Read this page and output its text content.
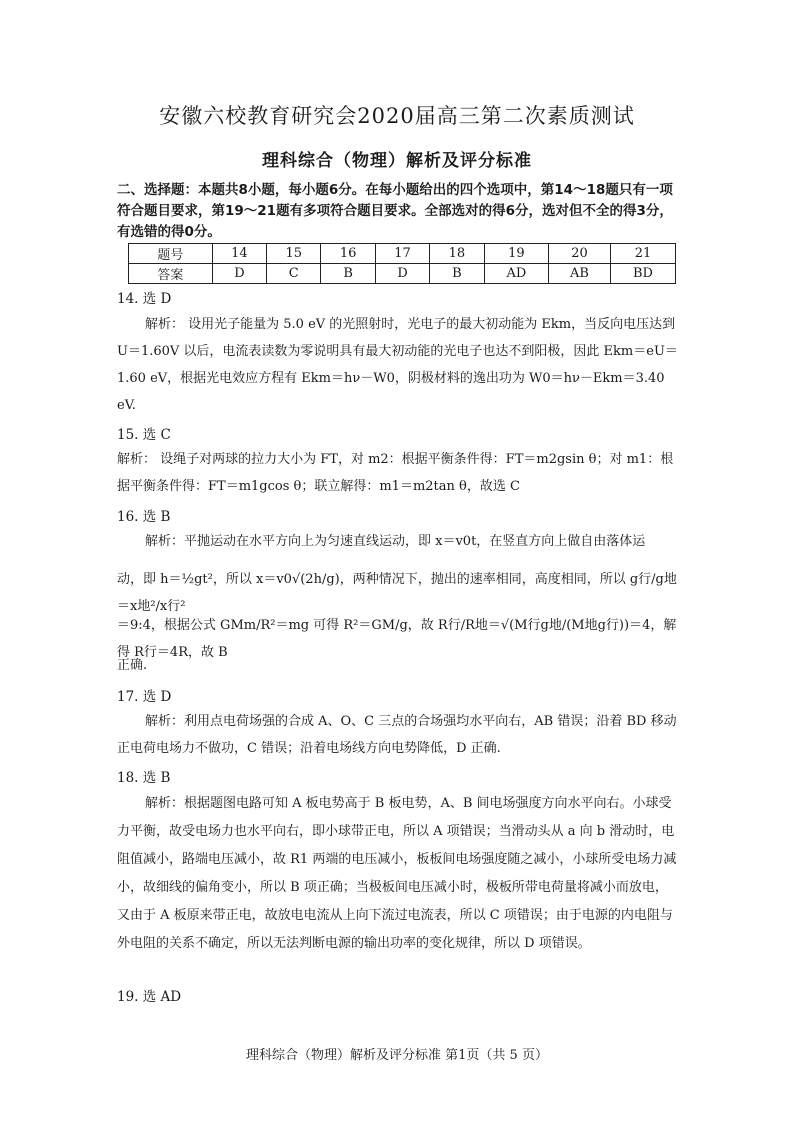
安徽六校教育研究会2020届高三第二次素质测试
理科综合（物理）解析及评分标准
二、选择题：本题共8小题，每小题6分。在每小题给出的四个选项中，第14～18题只有一项符合题目要求，第19～21题有多项符合题目要求。全部选对的得6分，选对但不全的得3分，有选错的得0分。
题号	14	15	16	17	18	19	20	21
答案	D	C	B	D	B	AD	AB	BD
14. 选 D
解析： 设用光子能量为 5.0 eV 的光照射时，光电子的最大初动能为 Ekm，当反向电压达到 U＝1.60V 以后，电流表读数为零说明具有最大初动能的光电子也达不到阳极，因此 Ekm＝eU＝1.60 eV，根据光电效应方程有 Ekm＝hν－W0，阴极材料的逸出功为 W0＝hν－Ekm＝3.40 eV.
15. 选 C
解析： 设绳子对两球的拉力大小为 FT，对 m2：根据平衡条件得：FT＝m2gsin θ；对 m1：根据平衡条件得：FT＝m1gcos θ；联立解得：m1＝m2tan θ，故选 C
16. 选 B
解析：平抛运动在水平方向上为匀速直线运动，即 x＝v0t，在竖直方向上做自由落体运
动，即 h＝½gt²，所以 x＝v0√(2h/g)，两种情况下，抛出的速率相同，高度相同，所以 g行/g地＝x地²/x行²
＝9:4，根据公式 GMm/R²＝mg 可得 R²＝GM/g，故 R行/R地＝√(M行g地/(M地g行))＝4，解得 R行＝4R，故 B
正确.
17. 选 D
解析：利用点电荷场强的合成 A、O、C 三点的合场强均水平向右，AB 错误；沿着 BD 移动正电荷电场力不做功，C 错误；沿着电场线方向电势降低，D 正确.
18. 选 B
解析：根据题图电路可知 A 板电势高于 B 板电势，A、B 间电场强度方向水平向右。小球受力平衡，故受电场力也水平向右，即小球带正电，所以 A 项错误；当滑动头从 a 向 b 滑动时，电阻值减小，路端电压减小，故 R1 两端的电压减小，板板间电场强度随之减小，小球所受电场力减小，故细线的偏角变小，所以 B 项正确；当极板间电压减小时，极板所带电荷量将减小而放电，又由于 A 板原来带正电，故放电电流从上向下流过电流表，所以 C 项错误；由于电源的内电阻与外电阻的关系不确定，所以无法判断电源的输出功率的变化规律，所以 D 项错误。
19. 选 AD
理科综合（物理）解析及评分标准 第1页（共 5 页）
